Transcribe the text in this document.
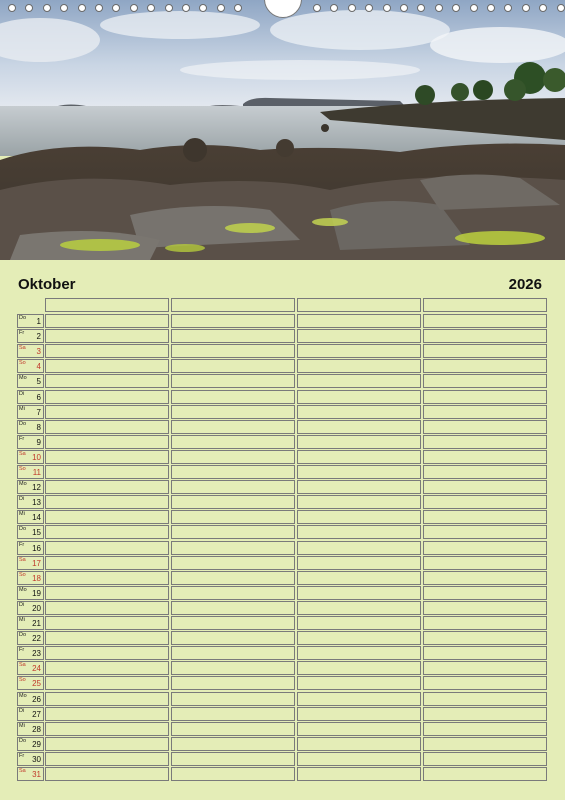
Oktober	2026
Do 1
Fr 2
Sa 3
So 4
Mo 5
Di 6
Mi 7
Do 8
Fr 9
Sa 10
So 11
Mo 12
Di 13
Mi 14
Do 15
Fr 16
Sa 17
So 18
Mo 19
Di 20
Mi 21
Do 22
Fr 23
Sa 24
So 25
Mo 26
Di 27
Mi 28
Do 29
Fr 30
Sa 31
